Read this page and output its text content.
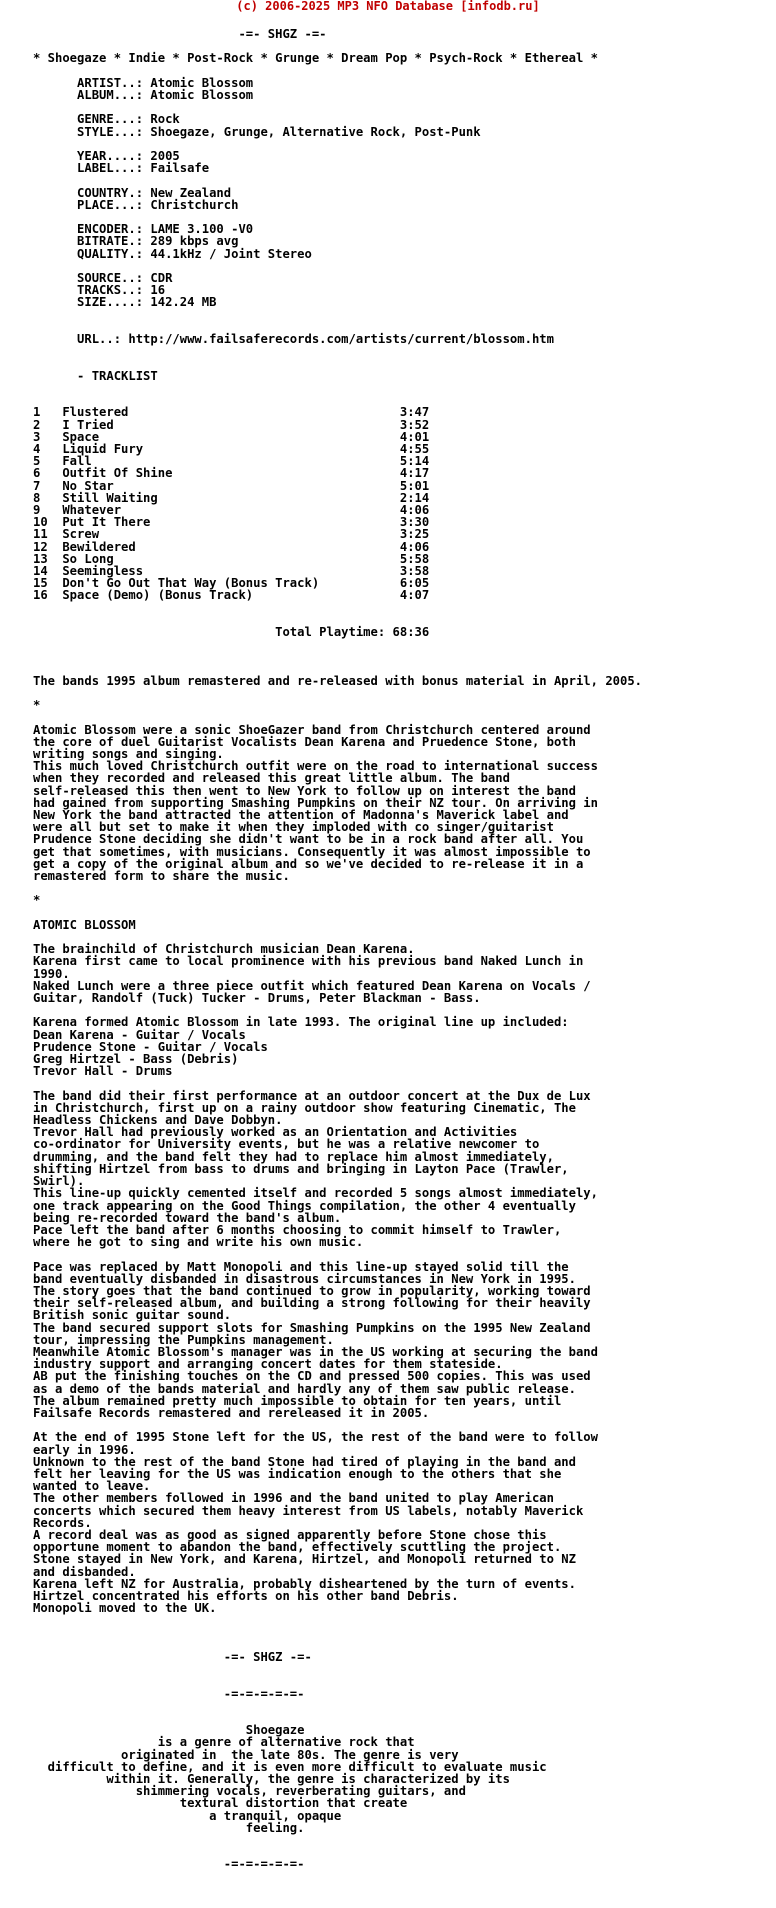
(c) 2006-2025 MP3 NFO Database [infodb.ru]
-=- SHGZ -=-

* Shoegaze * Indie * Post-Rock * Grunge * Dream Pop * Psych-Rock * Ethereal *

ARTIST..: Atomic Blossom
ALBUM...: Atomic Blossom

GENRE...: Rock
STYLE...: Shoegaze, Grunge, Alternative Rock, Post-Punk

YEAR....: 2005
LABEL...: Failsafe

COUNTRY.: New Zealand
PLACE...: Christchurch

ENCODER.: LAME 3.100 -V0
BITRATE.: 289 kbps avg
QUALITY.: 44.1kHz / Joint Stereo

SOURCE..: CDR
TRACKS..: 16
SIZE....: 142.24 MB

URL..: http://www.failsaferecords.com/artists/current/blossom.htm

- TRACKLIST

1   Flustered                                     3:47
2   I Tried                                       3:52
3   Space                                         4:01
4   Liquid Fury                                   4:55
5   Fall                                          5:14
6   Outfit Of Shine                               4:17
7   No Star                                       5:01
8   Still Waiting                                 2:14
9   Whatever                                      4:06
10  Put It There                                  3:30
11  Screw                                         3:25
12  Bewildered                                    4:06
13  So Long                                       5:58
14  Seemingless                                   3:58
15  Don't Go Out That Way (Bonus Track)           6:05
16  Space (Demo) (Bonus Track)                    4:07

Total Playtime: 68:36

The bands 1995 album remastered and re-released with bonus material in April, 2005.

*

Atomic Blossom were a sonic ShoeGazer band from Christchurch centered around
the core of duel Guitarist Vocalists Dean Karena and Pruedence Stone, both
writing songs and singing.
This much loved Christchurch outfit were on the road to international success
when they recorded and released this great little album. The band
self-released this then went to New York to follow up on interest the band
had gained from supporting Smashing Pumpkins on their NZ tour. On arriving in
New York the band attracted the attention of Madonna's Maverick label and
were all but set to make it when they imploded with co singer/guitarist
Prudence Stone deciding she didn't want to be in a rock band after all. You
get that sometimes, with musicians. Consequently it was almost impossible to
get a copy of the original album and so we've decided to re-release it in a
remastered form to share the music.

*

ATOMIC BLOSSOM

The brainchild of Christchurch musician Dean Karena.
Karena first came to local prominence with his previous band Naked Lunch in
1990.
Naked Lunch were a three piece outfit which featured Dean Karena on Vocals /
Guitar, Randolf (Tuck) Tucker - Drums, Peter Blackman - Bass.

Karena formed Atomic Blossom in late 1993. The original line up included:
Dean Karena - Guitar / Vocals
Prudence Stone - Guitar / Vocals
Greg Hirtzel - Bass (Debris)
Trevor Hall - Drums

The band did their first performance at an outdoor concert at the Dux de Lux
in Christchurch, first up on a rainy outdoor show featuring Cinematic, The
Headless Chickens and Dave Dobbyn.
Trevor Hall had previously worked as an Orientation and Activities
co-ordinator for University events, but he was a relative newcomer to
drumming, and the band felt they had to replace him almost immediately,
shifting Hirtzel from bass to drums and bringing in Layton Pace (Trawler,
Swirl).
This line-up quickly cemented itself and recorded 5 songs almost immediately,
one track appearing on the Good Things compilation, the other 4 eventually
being re-recorded toward the band's album.
Pace left the band after 6 months choosing to commit himself to Trawler,
where he got to sing and write his own music.

Pace was replaced by Matt Monopoli and this line-up stayed solid till the
band eventually disbanded in disastrous circumstances in New York in 1995.
The story goes that the band continued to grow in popularity, working toward
their self-released album, and building a strong following for their heavily
British sonic guitar sound.
The band secured support slots for Smashing Pumpkins on the 1995 New Zealand
tour, impressing the Pumpkins management.
Meanwhile Atomic Blossom's manager was in the US working at securing the band
industry support and arranging concert dates for them stateside.
AB put the finishing touches on the CD and pressed 500 copies. This was used
as a demo of the bands material and hardly any of them saw public release.
The album remained pretty much impossible to obtain for ten years, until
Failsafe Records remastered and rereleased it in 2005.

At the end of 1995 Stone left for the US, the rest of the band were to follow
early in 1996.
Unknown to the rest of the band Stone had tired of playing in the band and
felt her leaving for the US was indication enough to the others that she
wanted to leave.
The other members followed in 1996 and the band united to play American
concerts which secured them heavy interest from US labels, notably Maverick
Records.
A record deal was as good as signed apparently before Stone chose this
opportune moment to abandon the band, effectively scuttling the project.
Stone stayed in New York, and Karena, Hirtzel, and Monopoli returned to NZ
and disbanded.
Karena left NZ for Australia, probably disheartened by the turn of events.
Hirtzel concentrated his efforts on his other band Debris.
Monopoli moved to the UK.

-=- SHGZ -=-

-=-=-=-=-=-

Shoegaze
is a genre of alternative rock that
originated in  the late 80s. The genre is very
difficult to define, and it is even more difficult to evaluate music
within it. Generally, the genre is characterized by its
shimmering vocals, reverberating guitars, and
textural distortion that create
a tranquil, opaque
feeling.

-=-=-=-=-=-
